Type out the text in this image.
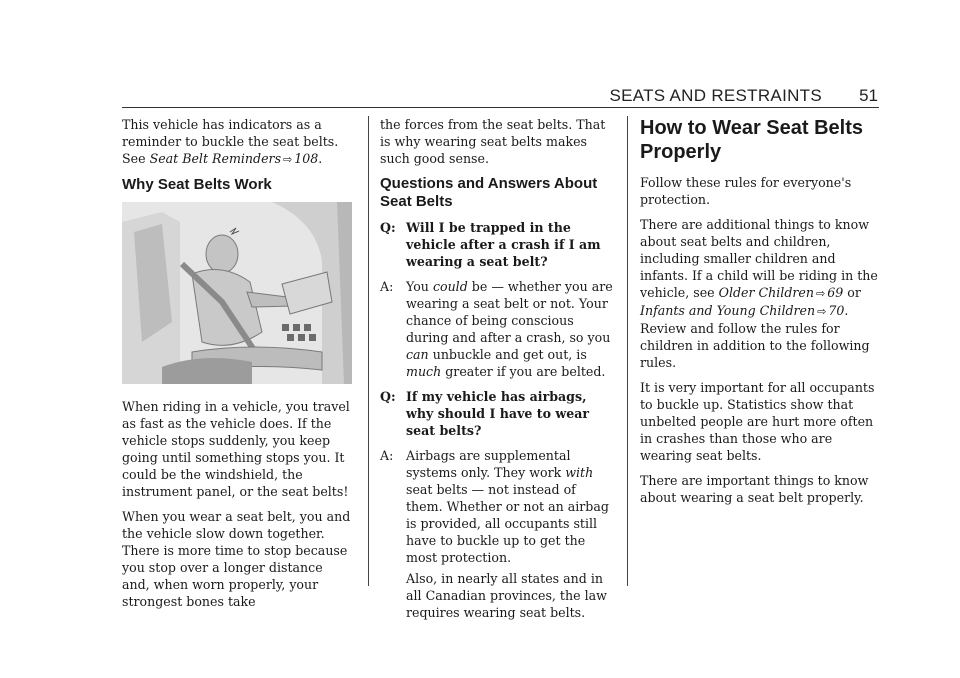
SEATS AND RESTRAINTS 51

This vehicle has indicators as a reminder to buckle the seat belts. See Seat Belt Reminders ⇨ 108.

Why Seat Belts Work

When riding in a vehicle, you travel as fast as the vehicle does. If the vehicle stops suddenly, you keep going until something stops you. It could be the windshield, the instrument panel, or the seat belts!

When you wear a seat belt, you and the vehicle slow down together. There is more time to stop because you stop over a longer distance and, when worn properly, your strongest bones take

the forces from the seat belts. That is why wearing seat belts makes such good sense.

Questions and Answers About Seat Belts
Q: Will I be trapped in the vehicle after a crash if I am wearing a seat belt?
A:	You could be — whether you are wearing a seat belt or not. Your chance of being conscious during and after a crash, so you can unbuckle and get out, is much greater if you are belted.
Q: If my vehicle has airbags, why should I have to wear seat belts?
A:	Airbags are supplemental systems only. They work with seat belts — not instead of them. Whether or not an airbag is provided, all occupants still have to buckle up to get the most protection.

Also, in nearly all states and in all Canadian provinces, the law requires wearing seat belts.

How to Wear Seat Belts Properly

Follow these rules for everyone's protection.

There are additional things to know about seat belts and children, including smaller children and infants. If a child will be riding in the vehicle, see Older Children ⇨ 69 or Infants and Young Children ⇨ 70. Review and follow the rules for children in addition to the following rules.

It is very important for all occupants to buckle up. Statistics show that unbelted people are hurt more often in crashes than those who are wearing seat belts.

There are important things to know about wearing a seat belt properly.
